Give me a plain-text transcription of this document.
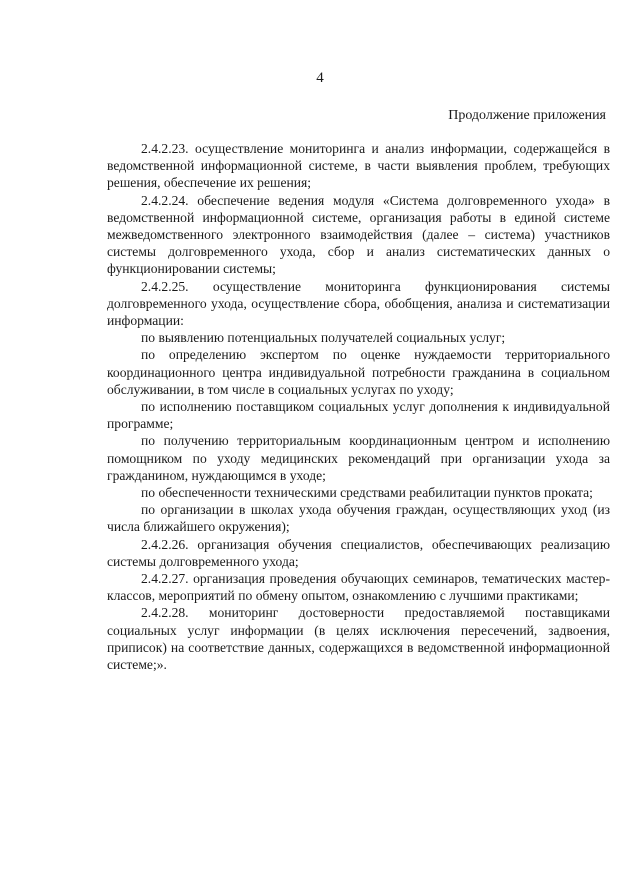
4
Продолжение приложения

2.4.2.23. осуществление мониторинга и анализ информации, содержащейся в ведомственной информационной системе, в части выявления проблем, требующих решения, обеспечение их решения;

2.4.2.24. обеспечение ведения модуля «Система долговременного ухода» в ведомственной информационной системе, организация работы в единой системе межведомственного электронного взаимодействия (далее – система) участников системы долговременного ухода, сбор и анализ систематических данных о функционировании системы;

2.4.2.25. осуществление мониторинга функционирования системы долговременного ухода, осуществление сбора, обобщения, анализа и систематизации информации:

по выявлению потенциальных получателей социальных услуг;

по определению экспертом по оценке нуждаемости территориального координационного центра индивидуальной потребности гражданина в социальном обслуживании, в том числе в социальных услугах по уходу;

по исполнению поставщиком социальных услуг дополнения к индивидуальной программе;

по получению территориальным координационным центром и исполнению помощником по уходу медицинских рекомендаций при организации ухода за гражданином, нуждающимся в уходе;

по обеспеченности техническими средствами реабилитации пунктов проката;

по организации в школах ухода обучения граждан, осуществляющих уход (из числа ближайшего окружения);

2.4.2.26. организация обучения специалистов, обеспечивающих реализацию системы долговременного ухода;

2.4.2.27. организация проведения обучающих семинаров, тематических мастер-классов, мероприятий по обмену опытом, ознакомлению с лучшими практиками;

2.4.2.28. мониторинг достоверности предоставляемой поставщиками социальных услуг информации (в целях исключения пересечений, задвоения, приписок) на соответствие данных, содержащихся в ведомственной информационной системе;».
